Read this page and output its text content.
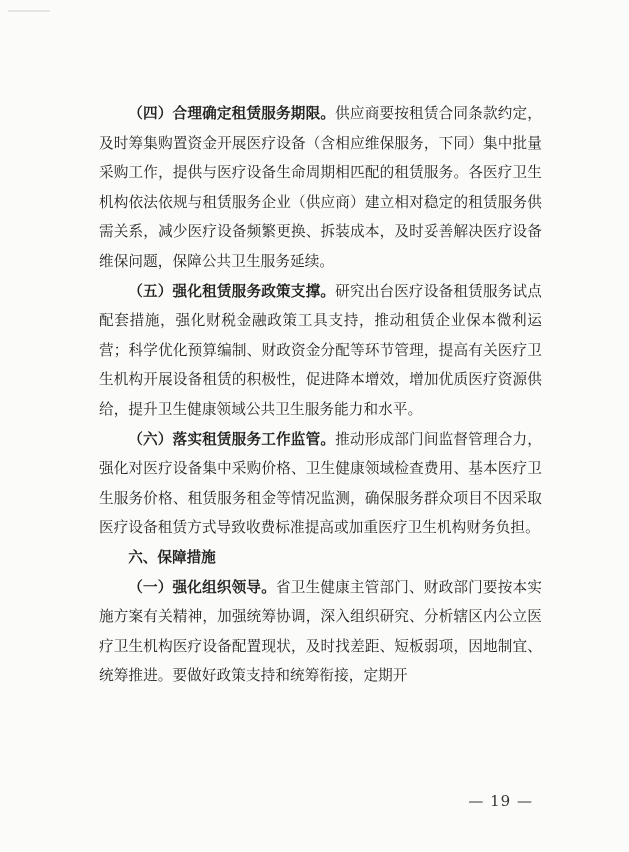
（四）合理确定租赁服务期限。供应商要按租赁合同条款约定，及时筹集购置资金开展医疗设备（含相应维保服务，下同）集中批量采购工作，提供与医疗设备生命周期相匹配的租赁服务。各医疗卫生机构依法依规与租赁服务企业（供应商）建立相对稳定的租赁服务供需关系，减少医疗设备频繁更换、拆装成本，及时妥善解决医疗设备维保问题，保障公共卫生服务延续。

（五）强化租赁服务政策支撑。研究出台医疗设备租赁服务试点配套措施，强化财税金融政策工具支持，推动租赁企业保本微利运营；科学优化预算编制、财政资金分配等环节管理，提高有关医疗卫生机构开展设备租赁的积极性，促进降本增效，增加优质医疗资源供给，提升卫生健康领域公共卫生服务能力和水平。

（六）落实租赁服务工作监管。推动形成部门间监督管理合力，强化对医疗设备集中采购价格、卫生健康领域检查费用、基本医疗卫生服务价格、租赁服务租金等情况监测，确保服务群众项目不因采取医疗设备租赁方式导致收费标准提高或加重医疗卫生机构财务负担。

六、保障措施

（一）强化组织领导。省卫生健康主管部门、财政部门要按本实施方案有关精神，加强统筹协调，深入组织研究、分析辖区内公立医疗卫生机构医疗设备配置现状，及时找差距、短板弱项，因地制宜、统筹推进。要做好政策支持和统筹衔接，定期开

— 19 —
